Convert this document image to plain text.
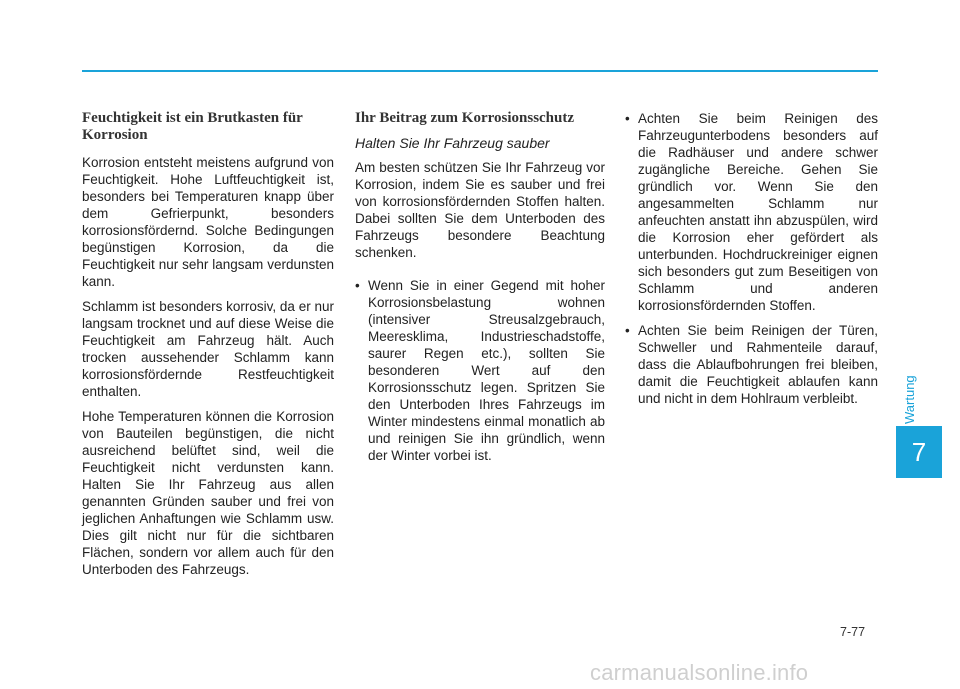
Feuchtigkeit ist ein Brutkasten für Korrosion

Korrosion entsteht meistens aufgrund von Feuchtigkeit. Hohe Luftfeuchtigkeit ist, besonders bei Temperaturen knapp über dem Gefrierpunkt, besonders korrosionsfördernd. Solche Bedingungen begünstigen Korrosion, da die Feuchtigkeit nur sehr langsam verdunsten kann.

Schlamm ist besonders korrosiv, da er nur langsam trocknet und auf diese Weise die Feuchtigkeit am Fahrzeug hält. Auch trocken aussehender Schlamm kann korrosionsfördernde Restfeuchtigkeit enthalten.

Hohe Temperaturen können die Korrosion von Bauteilen begünstigen, die nicht ausreichend belüftet sind, weil die Feuchtigkeit nicht verdunsten kann. Halten Sie Ihr Fahrzeug aus allen genannten Gründen sauber und frei von jeglichen Anhaftungen wie Schlamm usw. Dies gilt nicht nur für die sichtbaren Flächen, sondern vor allem auch für den Unterboden des Fahrzeugs.

Ihr Beitrag zum Korrosionsschutz
Halten Sie Ihr Fahrzeug sauber

Am besten schützen Sie Ihr Fahrzeug vor Korrosion, indem Sie es sauber und frei von korrosionsfördernden Stoffen halten. Dabei sollten Sie dem Unterboden des Fahrzeugs besondere Beachtung schenken.

• Wenn Sie in einer Gegend mit hoher Korrosionsbelastung wohnen (intensiver Streusalzgebrauch, Meeresklima, Industrieschadstoffe, saurer Regen etc.), sollten Sie besonderen Wert auf den Korrosionsschutz legen. Spritzen Sie den Unterboden Ihres Fahrzeugs im Winter mindestens einmal monatlich ab und reinigen Sie ihn gründlich, wenn der Winter vorbei ist.
• Achten Sie beim Reinigen des Fahrzeugunterbodens besonders auf die Radhäuser und andere schwer zugängliche Bereiche. Gehen Sie gründlich vor. Wenn Sie den angesammelten Schlamm nur anfeuchten anstatt ihn abzuspülen, wird die Korrosion eher gefördert als unterbunden. Hochdruckreiniger eignen sich besonders gut zum Beseitigen von Schlamm und anderen korrosionsfördernden Stoffen.
• Achten Sie beim Reinigen der Türen, Schweller und Rahmenteile darauf, dass die Ablaufbohrungen frei bleiben, damit die Feuchtigkeit ablaufen kann und nicht in dem Hohlraum verbleibt.	Wartung
7
7-77
carmanualsonline.info
